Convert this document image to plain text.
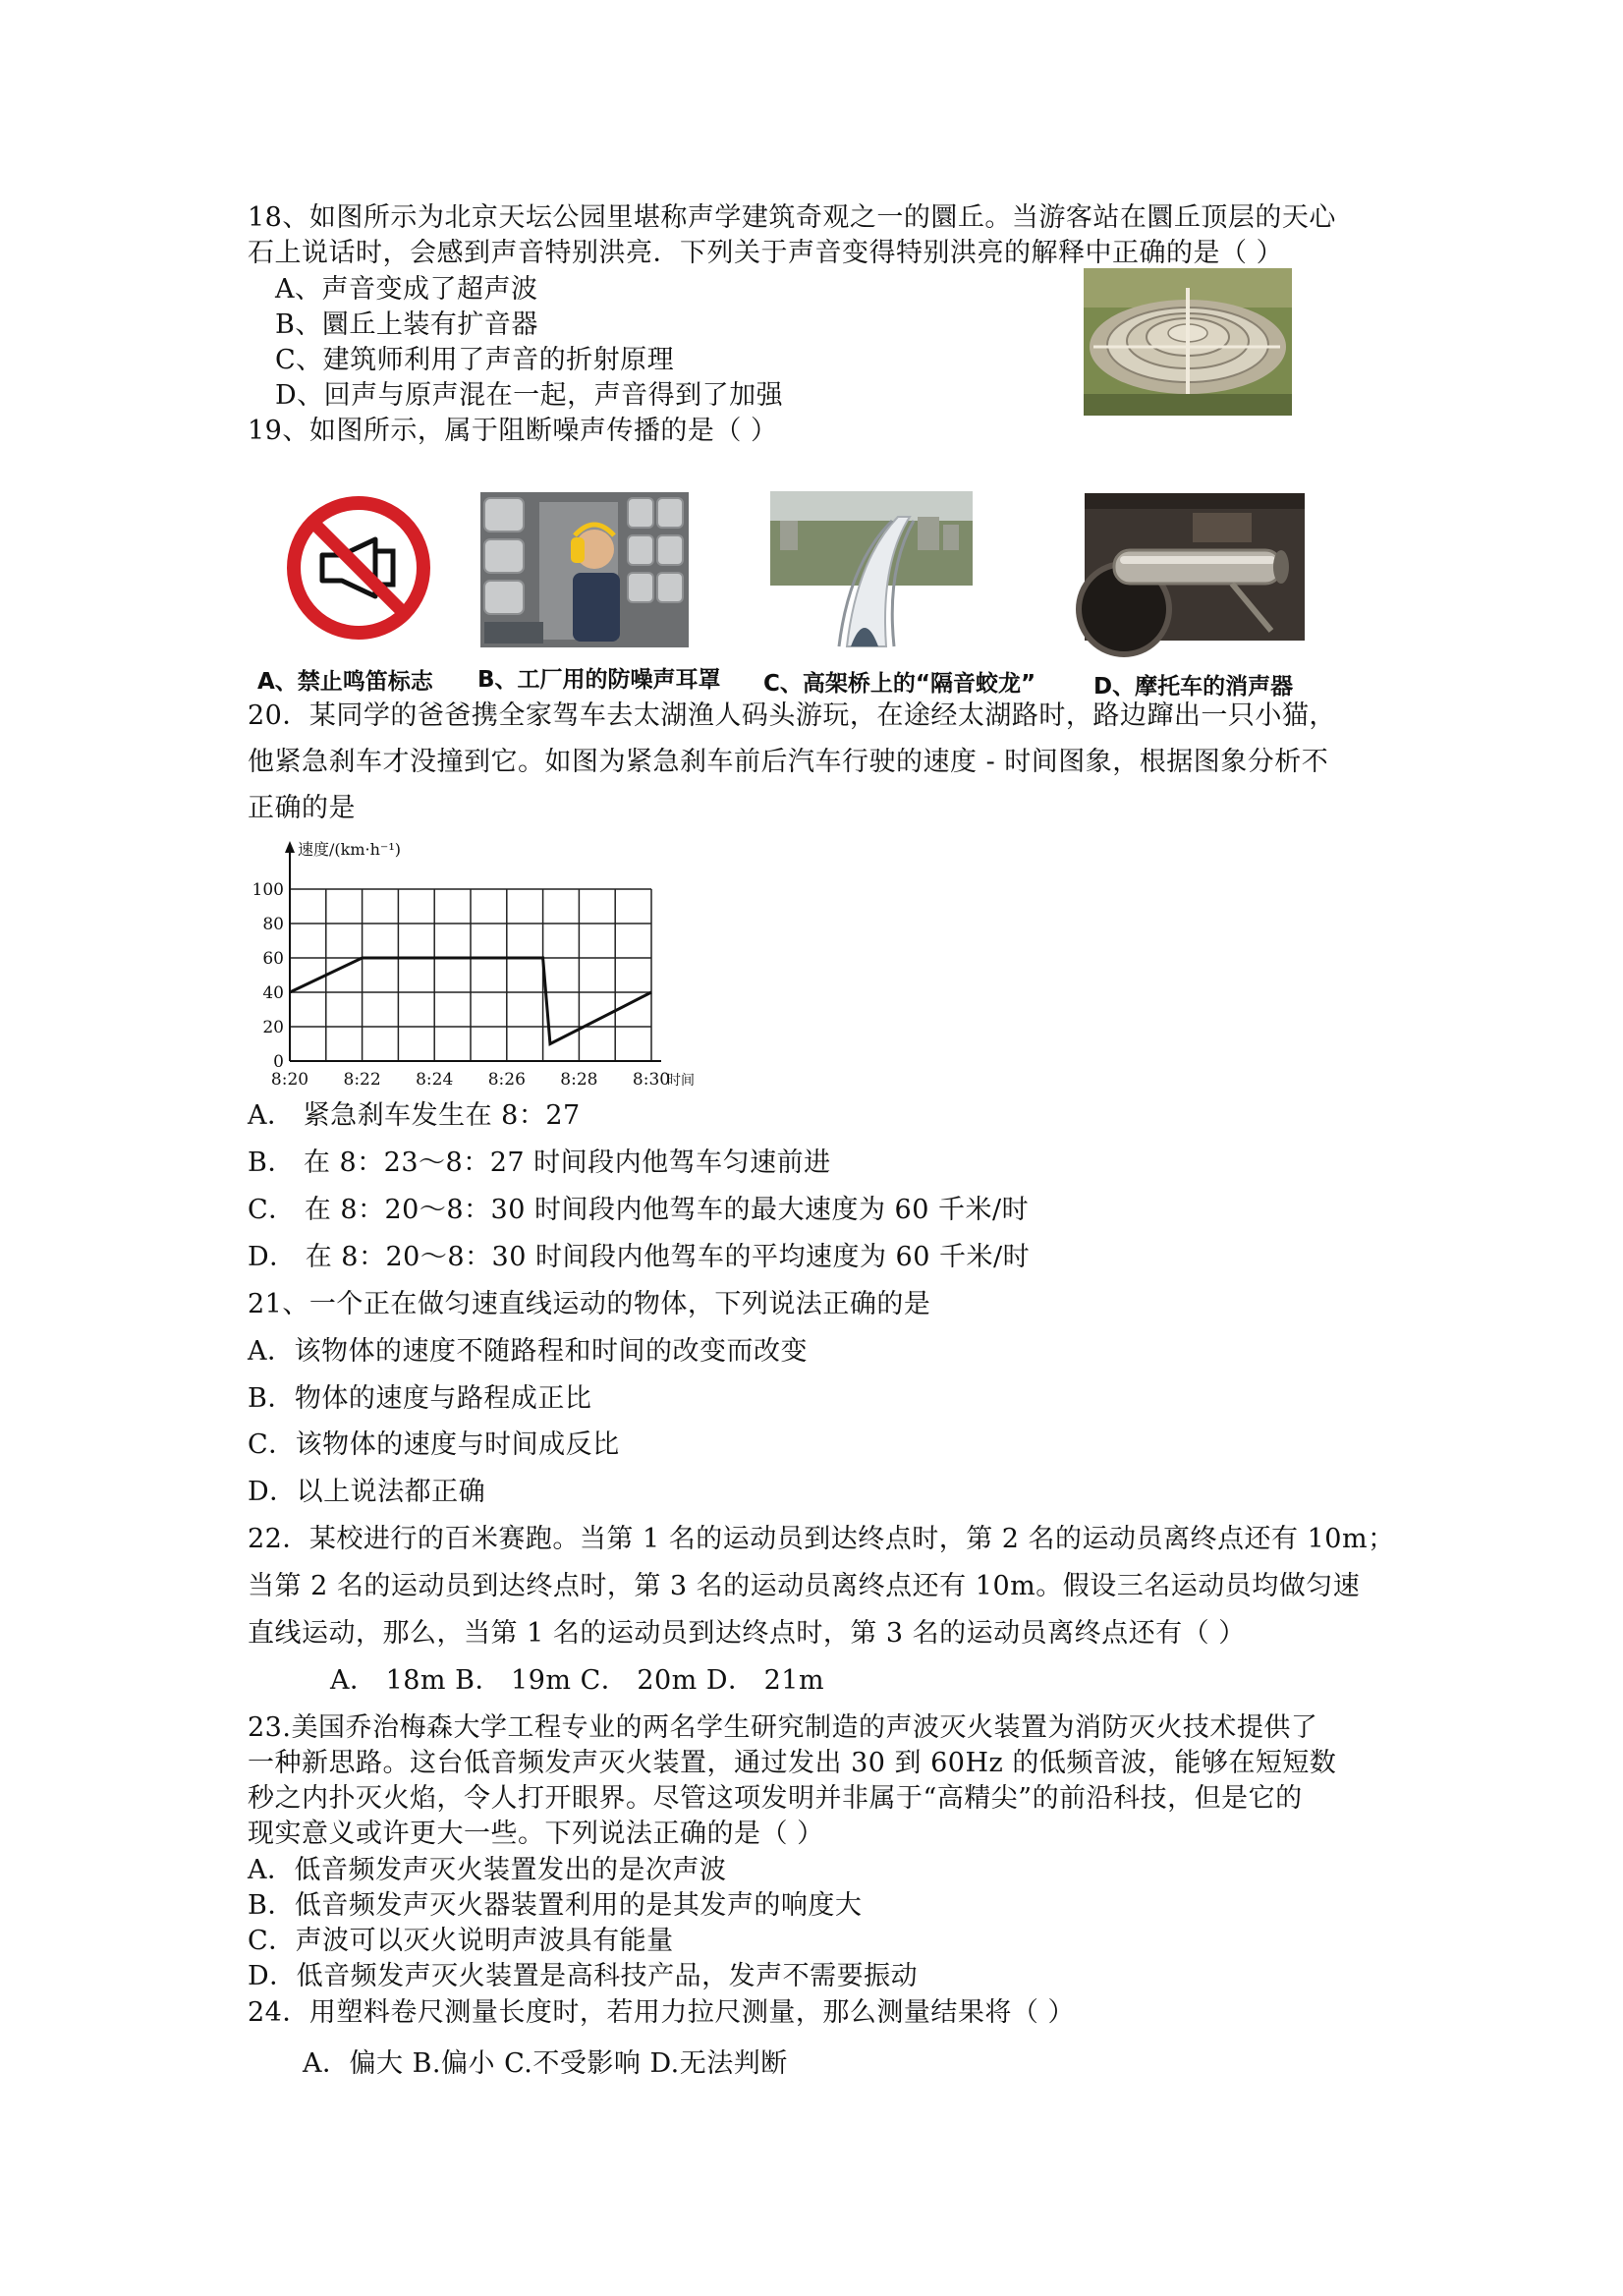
18、如图所示为北京天坛公园里堪称声学建筑奇观之一的圜丘。当游客站在圜丘顶层的天心
石上说话时，会感到声音特别洪亮．下列关于声音变得特别洪亮的解释中正确的是（ ）
A、声音变成了超声波
B、圜丘上装有扩音器
C、建筑师利用了声音的折射原理
D、回声与原声混在一起，声音得到了加强
19、如图所示，属于阻断噪声传播的是（ ）
A、禁止鸣笛标志 B、工厂用的防噪声耳罩 C、高架桥上的“隔音蛟龙”	D、摩托车的消声器
20．某同学的爸爸携全家驾车去太湖渔人码头游玩，在途经太湖路时，路边蹿出一只小猫，
他紧急刹车才没撞到它。如图为紧急刹车前后汽车行驶的速度 - 时间图象，根据图象分析不
正确的是
0
20
40
60
80
100
8:20 8:22 8:24 8:26 8:28 8:30
速度/(km·h⁻¹)
时间
A． 紧急刹车发生在 8：27
B． 在 8：23～8：27 时间段内他驾车匀速前进
C． 在 8：20～8：30 时间段内他驾车的最大速度为 60 千米/时
D． 在 8：20～8：30 时间段内他驾车的平均速度为 60 千米/时
21、一个正在做匀速直线运动的物体，下列说法正确的是
A．该物体的速度不随路程和时间的改变而改变
B．物体的速度与路程成正比
C．该物体的速度与时间成反比
D．以上说法都正确
22．某校进行的百米赛跑。当第 1 名的运动员到达终点时，第 2 名的运动员离终点还有 10m；
当第 2 名的运动员到达终点时，第 3 名的运动员离终点还有 10m。假设三名运动员均做匀速
直线运动，那么，当第 1 名的运动员到达终点时，第 3 名的运动员离终点还有（ ）
A． 18m B． 19m C． 20m D． 21m
23.美国乔治梅森大学工程专业的两名学生研究制造的声波灭火装置为消防灭火技术提供了
一种新思路。这台低音频发声灭火装置，通过发出 30 到 60Hz 的低频音波，能够在短短数
秒之内扑灭火焰，令人打开眼界。尽管这项发明并非属于“高精尖”的前沿科技，但是它的
现实意义或许更大一些。下列说法正确的是（ ）
A．低音频发声灭火装置发出的是次声波
B．低音频发声灭火器装置利用的是其发声的响度大
C．声波可以灭火说明声波具有能量
D．低音频发声灭火装置是高科技产品，发声不需要振动
24．用塑料卷尺测量长度时，若用力拉尺测量，那么测量结果将（ ）
A．偏大 B.偏小 C.不受影响 D.无法判断
